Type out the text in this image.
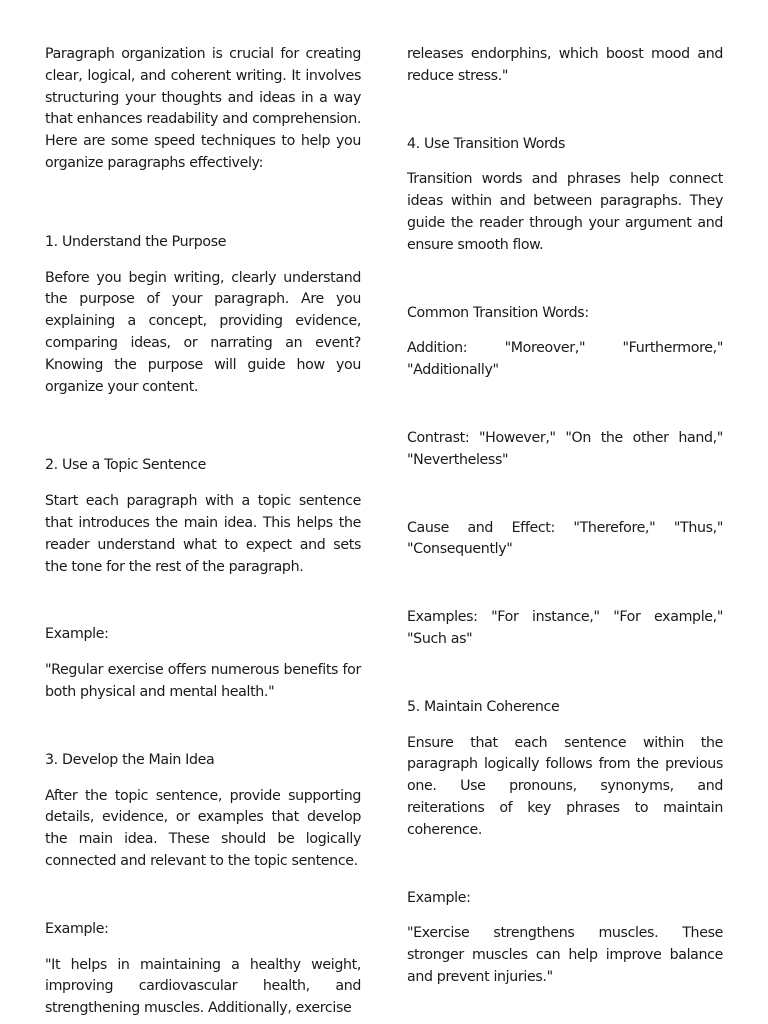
Paragraph organization is crucial for creating clear, logical, and coherent writing. It involves structuring your thoughts and ideas in a way that enhances readability and comprehension. Here are some speed techniques to help you organize paragraphs effectively:

1. Understand the Purpose

Before you begin writing, clearly understand the purpose of your paragraph. Are you explaining a concept, providing evidence, comparing ideas, or narrating an event? Knowing the purpose will guide how you organize your content.

2. Use a Topic Sentence

Start each paragraph with a topic sentence that introduces the main idea. This helps the reader understand what to expect and sets the tone for the rest of the paragraph.

Example:

"Regular exercise offers numerous benefits for both physical and mental health."

3. Develop the Main Idea

After the topic sentence, provide supporting details, evidence, or examples that develop the main idea. These should be logically connected and relevant to the topic sentence.

Example:

"It helps in maintaining a healthy weight, improving cardiovascular health, and strengthening muscles. Additionally, exercise

releases endorphins, which boost mood and reduce stress."

4. Use Transition Words

Transition words and phrases help connect ideas within and between paragraphs. They guide the reader through your argument and ensure smooth flow.

Common Transition Words:

Addition: "Moreover," "Furthermore," "Additionally"

Contrast: "However," "On the other hand," "Nevertheless"

Cause and Effect: "Therefore," "Thus," "Consequently"

Examples: "For instance," "For example," "Such as"

5. Maintain Coherence

Ensure that each sentence within the paragraph logically follows from the previous one. Use pronouns, synonyms, and reiterations of key phrases to maintain coherence.

Example:

"Exercise strengthens muscles. These stronger muscles can help improve balance and prevent injuries."
